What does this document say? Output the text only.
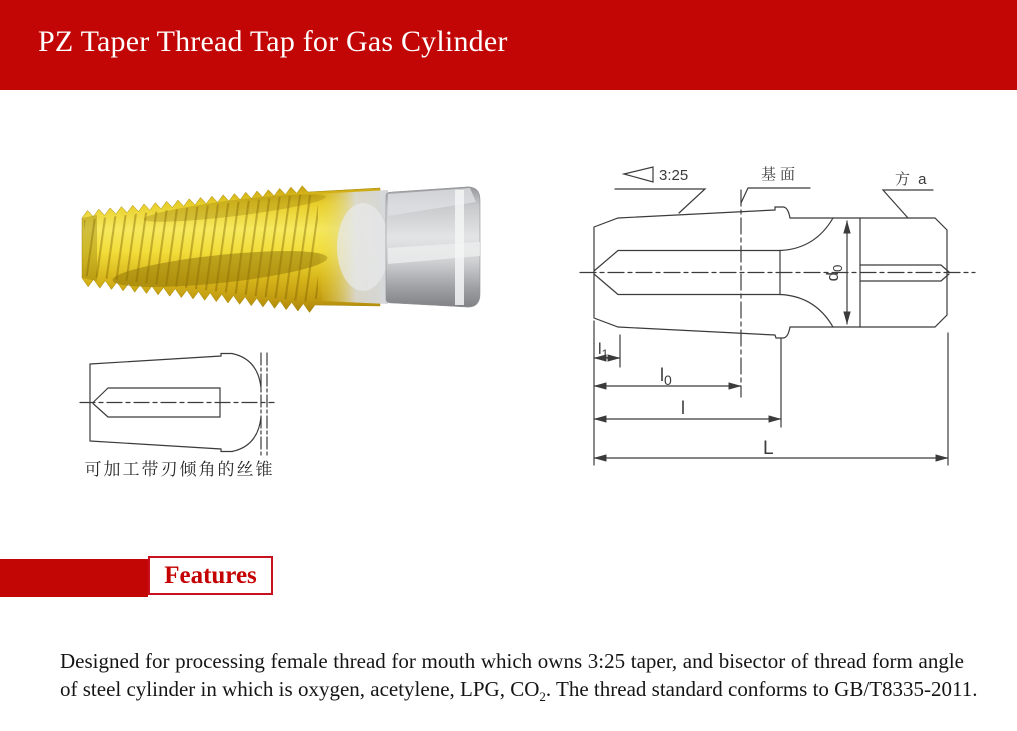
PZ Taper Thread Tap for Gas Cylinder
可加工带刃倾角的丝锥
3:25	基面	方 a
$d_0$
$l_1$
$l_0$
l
L
Features
Designed for processing female thread for mouth which owns 3:25 taper, and bisector of thread form angle
of steel cylinder in which is oxygen, acetylene, LPG, $CO_2$. The thread standard conforms to GB/T8335-2011.
